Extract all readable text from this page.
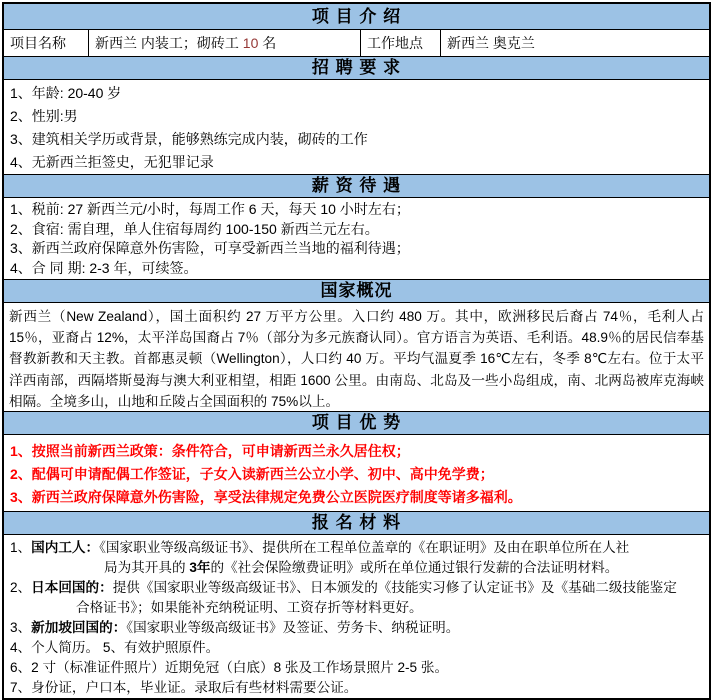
项 目 介 绍
项目名称	新西兰 内装工；砌砖工 10 名	工作地点	新西兰 奥克兰
招 聘 要 求
1、年龄: 20-40 岁
2、性别:男
3、建筑相关学历或背景，能够熟练完成内装，砌砖的工作
4、无新西兰拒签史，无犯罪记录
薪 资 待 遇
1、税前: 27 新西兰元/小时，每周工作 6 天，每天 10 小时左右；
2、食宿: 需自理，单人住宿每周约 100-150 新西兰元左右。
3、新西兰政府保障意外伤害险，可享受新西兰当地的福利待遇；
4、合 同 期: 2-3 年，可续签。
国家概况

新西兰（New Zealand），国土面积约 27 万平方公里。入口约 480 万。其中，欧洲移民后裔占 74％，毛利人占 15％，亚裔占 12%，太平洋岛国裔占 7％（部分为多元族裔认同）。官方语言为英语、毛利语。48.9％的居民信奉基督教新教和天主教。首都惠灵顿（Wellington），人口约 40 万。平均气温夏季 16℃左右，冬季 8℃左右。位于太平洋西南部，西隔塔斯曼海与澳大利亚相望，相距 1600 公里。由南岛、北岛及一些小岛组成，南、北两岛被库克海峡相隔。全境多山，山地和丘陵占全国面积的 75%以上。

项 目 优 势
1、按照当前新西兰政策：条件符合，可申请新西兰永久居住权；
2、配偶可申请配偶工作签证，子女入读新西兰公立小学、初中、高中免学费；
3、新西兰政府保障意外伤害险，享受法律规定免费公立医院医疗制度等诸多福利。
报 名 材 料
1、国内工人：《国家职业等级高级证书》、提供所在工程单位盖章的《在职证明》及由在职单位所在人社
局为其开具的 3年的《社会保险缴费证明》或所在单位通过银行发薪的合法证明材料。
2、日本回国的：提供《国家职业等级高级证书》、日本颁发的《技能实习修了认定证书》及《基础二级技能鉴定
合格证书》；如果能补充纳税证明、工资存折等材料更好。
3、新加坡回国的：《国家职业等级高级证书》及签证、劳务卡、纳税证明。
4、个人简历。 5、有效护照原件。
6、2 寸（标准证件照片）近期免冠（白底）8 张及工作场景照片 2-5 张。
7、身份证，户口本，毕业证。录取后有些材料需要公证。
